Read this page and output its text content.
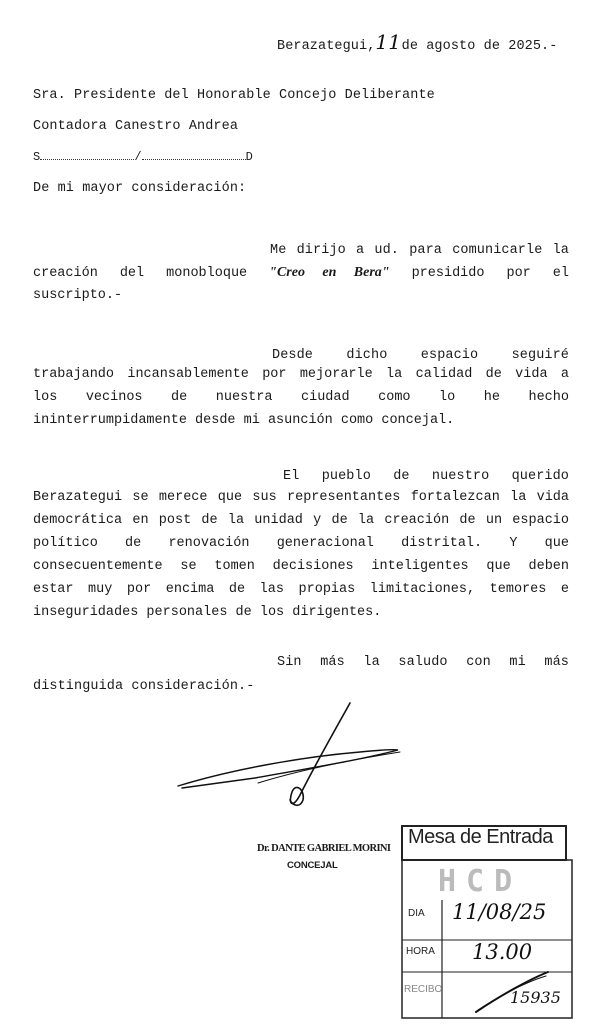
Berazategui,11 de agosto de 2025.-
Sra. Presidente del Honorable Concejo Deliberante
Contadora Canestro Andrea
S	/	D
De mi mayor consideración:
Me dirijo a ud. para comunicarle la
creación del monobloque "Creo en Bera" presidido por el
suscripto.-
Desde dicho espacio seguiré
trabajando incansablemente por mejorarle la calidad de vida a
los vecinos de nuestra ciudad como lo he hecho
ininterrumpidamente desde mi asunción como concejal.
El pueblo de nuestro querido
Berazategui se merece que sus representantes fortalezcan la vida
democrática en post de la unidad y de la creación de un espacio
político de renovación generacional distrital. Y que
consecuentemente se tomen decisiones inteligentes que deben
estar muy por encima de las propias limitaciones, temores e
inseguridades personales de los dirigentes.
Sin más la saludo con mi más
distinguida consideración.-
Dr. DANTE GABRIEL MORINI
CONCEJAL
Mesa de Entrada
HCD
DIA 11/08/25
HORA 13.00
RECIBO	15935
